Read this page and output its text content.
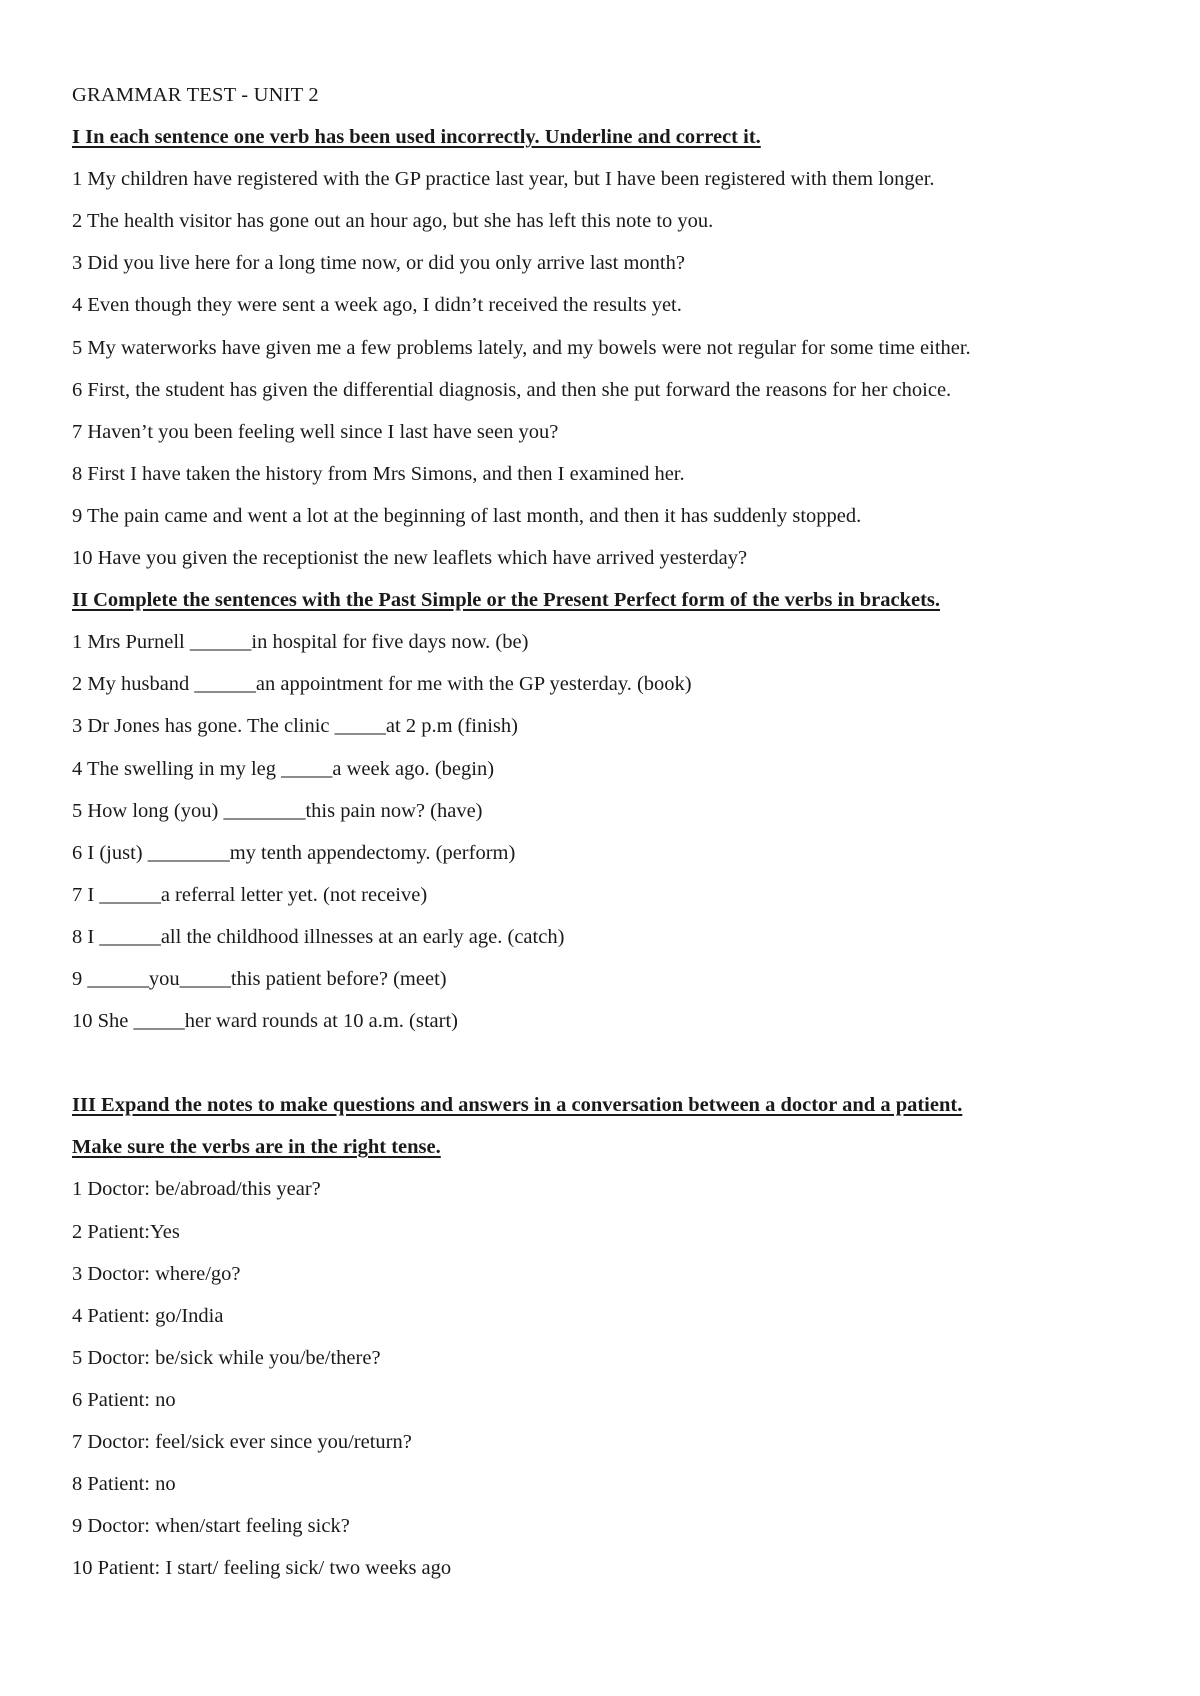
GRAMMAR TEST - UNIT 2

I In each sentence one verb has been used incorrectly. Underline and correct it.

1 My children have registered with the GP practice last year, but I have been registered with them longer.

2 The health visitor has gone out an hour ago, but she has left this note to you.

3 Did you live here for a long time now, or did you only arrive last month?

4 Even though they were sent a week ago, I didn’t received the results yet.

5 My waterworks have given me a few problems lately, and my bowels were not regular for some time either.

6 First, the student has given the differential diagnosis, and then she put forward the reasons for her choice.

7 Haven’t you been feeling well since I last have seen you?

8 First I have taken the history from Mrs Simons, and then I examined her.

9 The pain came and went a lot at the beginning of last month, and then it has suddenly stopped.

10 Have you given the receptionist the new leaflets which have arrived yesterday?

II Complete the sentences with the Past Simple or the Present Perfect form of the verbs in brackets.

1 Mrs Purnell ______in hospital for five days now. (be)

2 My husband ______an appointment for me with the GP yesterday. (book)

3 Dr Jones has gone. The clinic _____at 2 p.m (finish)

4 The swelling in my leg _____a week ago. (begin)

5 How long (you) ________this pain now? (have)

6 I (just) ________my tenth appendectomy. (perform)

7 I ______a referral letter yet. (not receive)

8 I ______all the childhood illnesses at an early age. (catch)

9 ______you_____this patient before? (meet)

10 She _____her ward rounds at 10 a.m. (start)

III Expand the notes to make questions and answers in a conversation between a doctor and a patient.

Make sure the verbs are in the right tense.

1 Doctor: be/abroad/this year?

2 Patient:Yes

3 Doctor: where/go?

4 Patient: go/India

5 Doctor: be/sick while you/be/there?

6 Patient: no

7 Doctor: feel/sick ever since you/return?

8 Patient: no

9 Doctor: when/start feeling sick?

10 Patient: I start/ feeling sick/ two weeks ago
